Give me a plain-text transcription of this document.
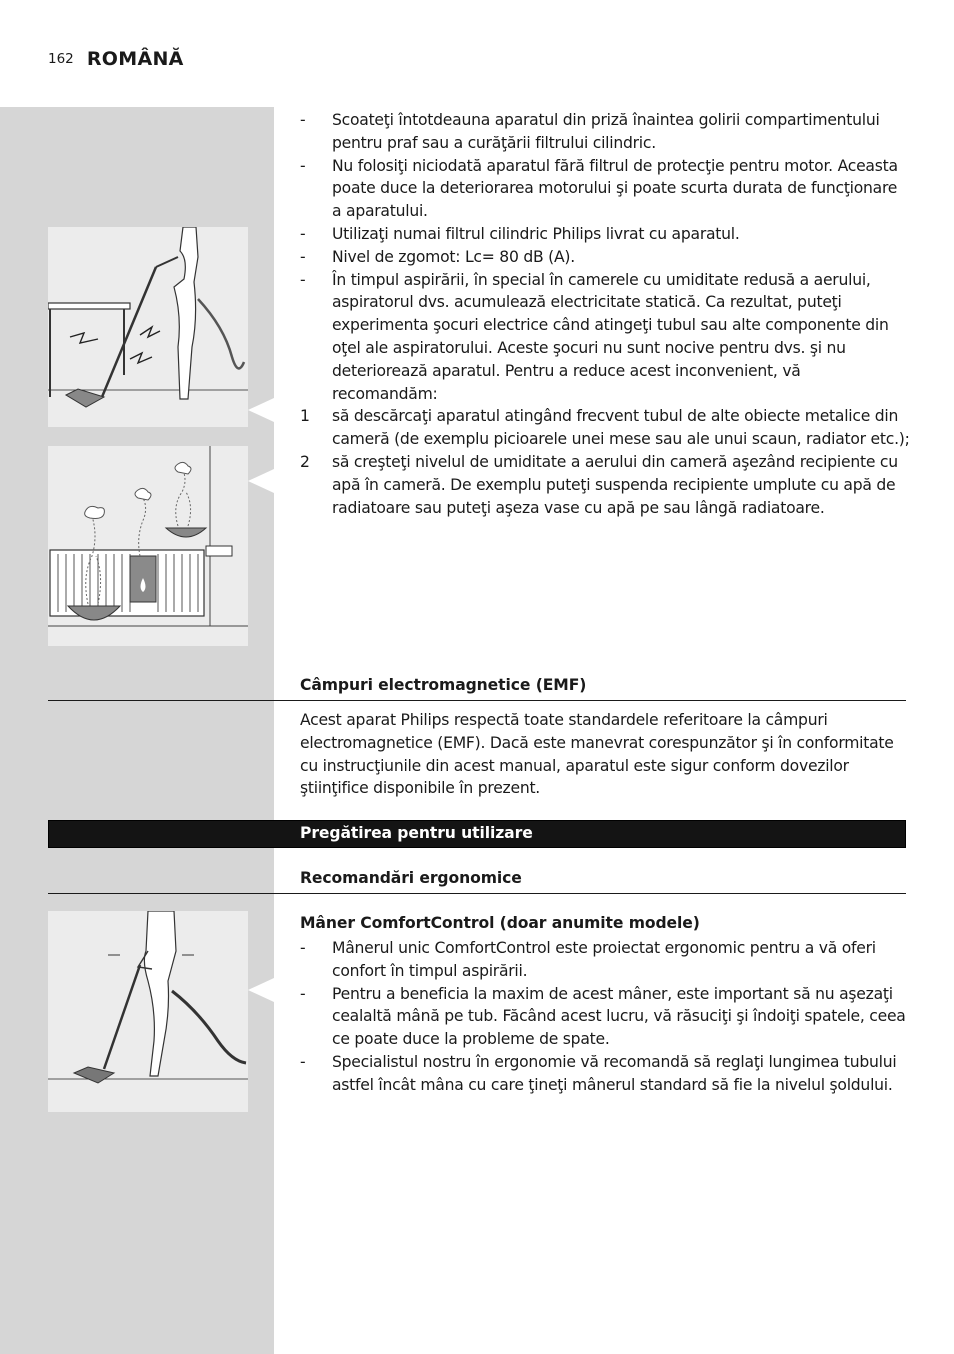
162 ROMÂNĂ
-	Scoateţi întotdeauna aparatul din priză înaintea golirii compartimentului pentru praf sau a curăţării filtrului cilindric.

-	Nu folosiţi niciodată aparatul fără filtrul de protecţie pentru motor. Aceasta poate duce la deteriorarea motorului şi poate scurta durata de funcţionare a aparatului.

-	Utilizaţi numai filtrul cilindric Philips livrat cu aparatul.

-	Nivel de zgomot: Lc= 80 dB (A).

-	În timpul aspirării, în special în camerele cu umiditate redusă a aerului, aspiratorul dvs. acumulează electricitate statică. Ca rezultat, puteţi experimenta şocuri electrice când atingeţi tubul sau alte componente din oţel ale aspiratorului. Aceste şocuri nu sunt nocive pentru dvs. şi nu deteriorează aparatul. Pentru a reduce acest inconvenient, vă recomandăm:

1	să descărcaţi aparatul atingând frecvent tubul de alte obiecte metalice din cameră (de exemplu picioarele unei mese sau ale unui scaun, radiator etc.);

2	să creşteţi nivelul de umiditate a aerului din cameră aşezând recipiente cu apă în cameră. De exemplu puteţi suspenda recipiente umplute cu apă de radiatoare sau puteţi aşeza vase cu apă pe sau lângă radiatoare.

Câmpuri electromagnetice (EMF)

Acest aparat Philips respectă toate standardele referitoare la câmpuri electromagnetice (EMF). Dacă este manevrat corespunzător şi în conformitate cu instrucţiunile din acest manual, aparatul este sigur conform dovezilor ştiinţifice disponibile în prezent.

Pregătirea pentru utilizare
Recomandări ergonomice
Mâner ComfortControl (doar anumite modele)
-	Mânerul unic ComfortControl este proiectat ergonomic pentru a vă oferi confort în timpul aspirării.

-	Pentru a beneficia la maxim de acest mâner, este important să nu aşezaţi cealaltă mână pe tub. Făcând acest lucru, vă răsuciţi şi îndoiţi spatele, ceea ce poate duce la probleme de spate.

-	Specialistul nostru în ergonomie vă recomandă să reglaţi lungimea tubului astfel încât mâna cu care ţineţi mânerul standard să fie la nivelul şoldului.
